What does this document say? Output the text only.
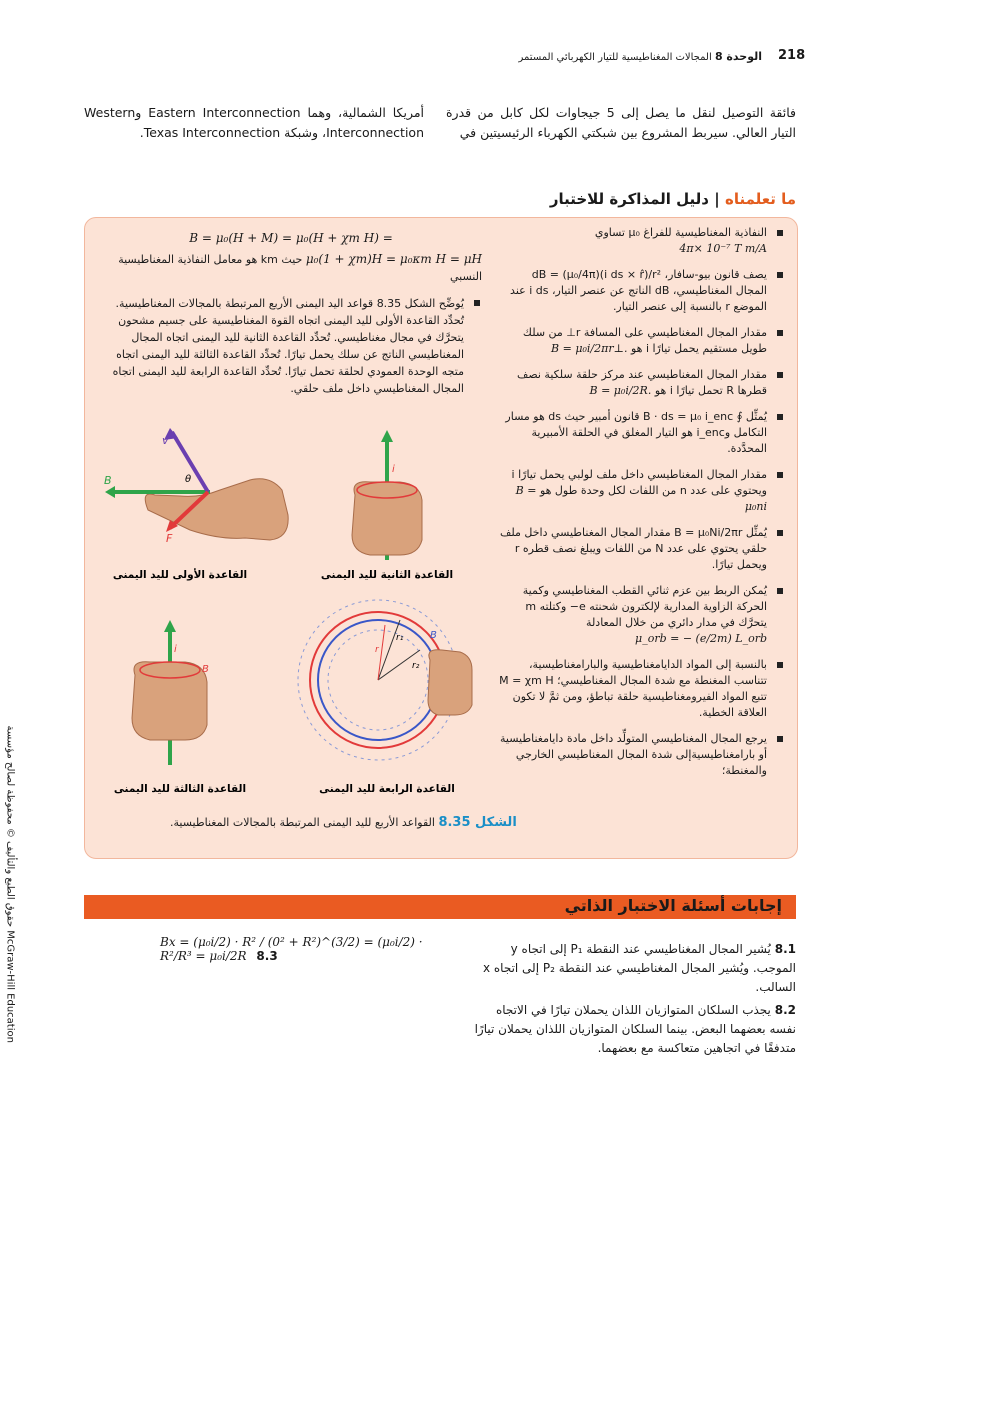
218
الوحدة 8 المجالات المغناطيسية للتيار الكهربائي المستمر
فائقة التوصيل لنقل ما يصل إلى 5 جيجاوات لكل كابل من قدرة التيار العالي. سيربط المشروع بين شبكتي الكهرباء الرئيسيتين في
أمريكا الشمالية، وهما Eastern Interconnection وWestern Interconnection، وشبكة Texas Interconnection.
ما تعلمناه | دليل المذاكرة للاختبار
النفاذية المغناطيسية للفراغ μ₀ تساوي
4π× 10⁻⁷ T m/A
يصف قانون بيو-سافار، dB = (μ₀/4π)(i ds × r̂)/r² المجال المغناطيسي، dB الناتج عن عنصر التيار، i ds عند الموضع r بالنسبة إلى عنصر التيار.
مقدار المجال المغناطيسي على المسافة r⊥ من سلك طويل مستقيم يحمل تيارًا i هو B = μ₀i/2πr⊥.
مقدار المجال المغناطيسي عند مركز حلقة سلكية نصف قطرها R تحمل تيارًا i هو B = μ₀i/2R.
يُمثِّل ∮ B · ds = μ₀ i_enc قانون أمبير حيث ds هو مسار التكامل وi_enc هو التيار المغلق في الحلقة الأمبيرية المحدَّدة.
مقدار المجال المغناطيسي داخل ملف لولبي يحمل تيارًا i ويحتوي على عدد n من اللفات لكل وحدة طول هو B = μ₀ni
يُمثِّل B = μ₀Ni/2πr مقدار المجال المغناطيسي داخل ملف حلقي يحتوي على عدد N من اللفات ويبلغ نصف قطره r ويحمل تيارًا.
يُمكن الربط بين عزم ثنائي القطب المغناطيسي وكمية الحركة الزاوية المدارية لإلكترون شحنته e− وكتلته m يتحرَّك في مدار دائري من خلال المعادلة
μ_orb = − (e/2m) L_orb
بالنسبة إلى المواد الدايامغناطيسية والبارامغناطيسية، تتناسب المغنطة مع شدة المجال المغناطيسي؛ M = χm H تتبع المواد الفيرومغناطيسية حلقة تباطؤ، ومن ثمَّ لا تكون العلاقة الخطية.
يرجع المجال المغناطيسي المتولِّد داخل مادة دايامغناطيسية أو بارامغناطيسيةإلى شدة المجال المغناطيسي الخارجي والمغنطة؛
B = μ₀(H + M) = μ₀(H + χm H) =
μ₀(1 + χm)H = μ₀κm H = μH حيث km هو معامل النفاذية المغناطيسية النسبي
يُوضِّح الشكل 8.35 قواعد اليد اليمنى الأربع المرتبطة بالمجالات المغناطيسية. تُحدِّد القاعدة الأولى لليد اليمنى اتجاه القوة المغناطيسية على جسيم مشحون يتحرَّك في مجال مغناطيسي. تُحدِّد القاعدة الثانية لليد اليمنى اتجاه المجال المغناطيسي الناتج عن سلك يحمل تيارًا. تُحدِّد القاعدة الثالثة لليد اليمنى اتجاه متجه الوحدة العمودي لحلقة تحمل تيارًا. تُحدِّد القاعدة الرابعة لليد اليمنى اتجاه المجال المغناطيسي داخل ملف حلقي.
B
v
F
θ
i
القاعدة الأولى لليد اليمنى	القاعدة الثانية لليد اليمنى
i
B
r₁
r₂
r
B
القاعدة الثالثة لليد اليمنى	القاعدة الرابعة لليد اليمنى
الشكل 8.35 القواعد الأربع لليد اليمنى المرتبطة بالمجالات المغناطيسية.
إجابات أسئلة الاختبار الذاتي
8.1 يُشير المجال المغناطيسي عند النقطة P₁ إلى اتجاه y الموجب. ويُشير المجال المغناطيسي عند النقطة P₂ إلى اتجاه x السالب.
8.2 يجذب السلكان المتوازيان اللذان يحملان تيارًا في الاتجاه نفسه بعضهما البعض. بينما السلكان المتوازيان اللذان يحملان تيارًا متدفقًا في اتجاهين متعاكسة مع بعضهما.
Bx = (μ₀i/2) · R² / (0² + R²)^(3/2) = (μ₀i/2) · R²/R³ = μ₀i/2R 8.3
حقوق الطبع والتأليف © محفوظة لصالح مؤسسة McGraw-Hill Education
